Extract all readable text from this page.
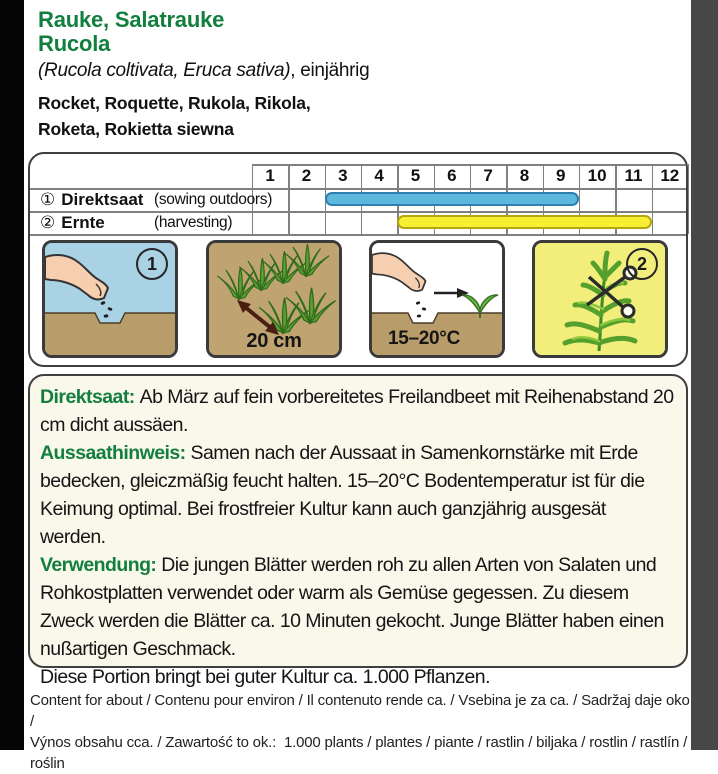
Rauke, Salatrauke
Rucola
(Rucola coltivata, Eruca sativa), einjährig
Rocket, Roquette, Rukola, Rikola,
Roketa, Rokietta siewna
1	2	3	4	5	6	7	8	9	10	11	12
① Direktsaat (sowing outdoors)
② Ernte	(harvesting)
1
20 cm	15–20°C
2
Direktsaat: Ab März auf fein vorbereitetes Freilandbeet mit Reihenabstand 20 cm dicht aussäen.
Aussaathinweis: Samen nach der Aussaat in Samenkornstärke mit Erde bedecken, gleiczmäßig feucht halten. 15–20°C Bodentemperatur ist für die Keimung optimal. Bei frostfreier Kultur kann auch ganzjährig ausgesät werden.
Verwendung: Die jungen Blätter werden roh zu allen Arten von Salaten und Rohkostplatten verwendet oder warm als Gemüse gegessen. Zu diesem Zweck werden die Blätter ca. 10 Minuten gekocht. Junge Blätter haben einen nußartigen Geschmack.
Diese Portion bringt bei guter Kultur ca. 1.000 Pflanzen.
Content for about / Contenu pour environ / Il contenuto rende ca. / Vsebina je za ca. / Sadržaj daje oko /
Výnos obsahu cca. / Zawartość to ok.:  1.000 plants / plantes / piante / rastlin / biljaka / rostlin / rastlín / roślin
